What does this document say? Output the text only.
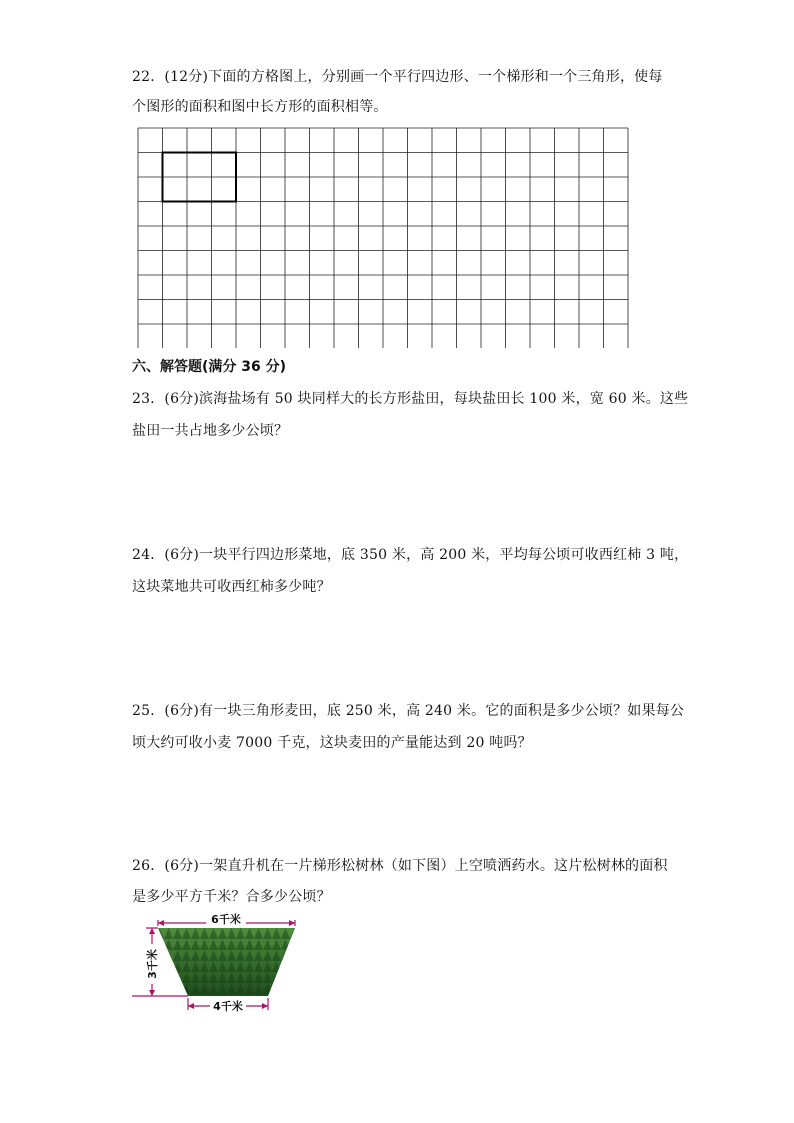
22．(12分)下面的方格图上，分别画一个平行四边形、一个梯形和一个三角形，使每
个图形的面积和图中长方形的面积相等。
六、解答题(满分 36 分)
23．(6分)滨海盐场有 50 块同样大的长方形盐田，每块盐田长 100 米，宽 60 米。这些
盐田一共占地多少公顷？
24．(6分)一块平行四边形菜地，底 350 米，高 200 米，平均每公顷可收西红柿 3 吨，
这块菜地共可收西红柿多少吨？
25．(6分)有一块三角形麦田，底 250 米，高 240 米。它的面积是多少公顷？如果每公
顷大约可收小麦 7000 千克，这块麦田的产量能达到 20 吨吗？
26．(6分)一架直升机在一片梯形松树林（如下图）上空喷洒药水。这片松树林的面积
是多少平方千米？合多少公顷？
6千米
3千米
4千米
